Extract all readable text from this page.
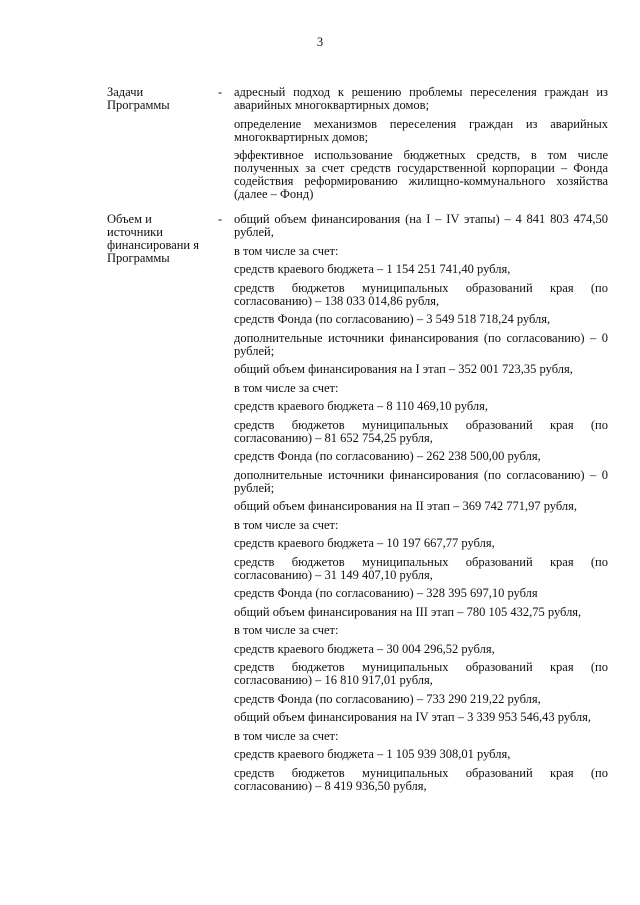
3
Задачи Программы
- адресный подход к решению проблемы переселения граждан из аварийных многоквартирных домов;

определение механизмов переселения граждан из аварийных многоквартирных домов;

эффективное использование бюджетных средств, в том числе полученных за счет средств государственной корпорации – Фонда содействия реформированию жилищно-коммунального хозяйства (далее – Фонд)

Объем и источники финансировани я Программы
- общий объем финансирования (на I – IV этапы) – 4 841 803 474,50 рублей,

в том числе за счет:

средств краевого бюджета – 1 154 251 741,40 рубля,

средств бюджетов муниципальных образований края (по согласованию) – 138 033 014,86 рубля,

средств Фонда (по согласованию) – 3 549 518 718,24 рубля,

дополнительные источники финансирования (по согласованию) – 0 рублей;

общий объем финансирования на I этап – 352 001 723,35 рубля,

в том числе за счет:

средств краевого бюджета – 8 110 469,10 рубля,

средств бюджетов муниципальных образований края (по согласованию) – 81 652 754,25 рубля,

средств Фонда (по согласованию) – 262 238 500,00 рубля,

дополнительные источники финансирования (по согласованию) – 0 рублей;

общий объем финансирования на II этап – 369 742 771,97 рубля,

в том числе за счет:

средств краевого бюджета – 10 197 667,77 рубля,

средств бюджетов муниципальных образований края (по согласованию) – 31 149 407,10 рубля,

средств Фонда (по согласованию) – 328 395 697,10 рубля

общий объем финансирования на III этап – 780 105 432,75 рубля,

в том числе за счет:

средств краевого бюджета – 30 004 296,52 рубля,

средств бюджетов муниципальных образований края (по согласованию) – 16 810 917,01 рубля,

средств Фонда (по согласованию) – 733 290 219,22 рубля,

общий объем финансирования на IV этап – 3 339 953 546,43 рубля,

в том числе за счет:

средств краевого бюджета – 1 105 939 308,01 рубля,

средств бюджетов муниципальных образований края (по согласованию) – 8 419 936,50 рубля,
